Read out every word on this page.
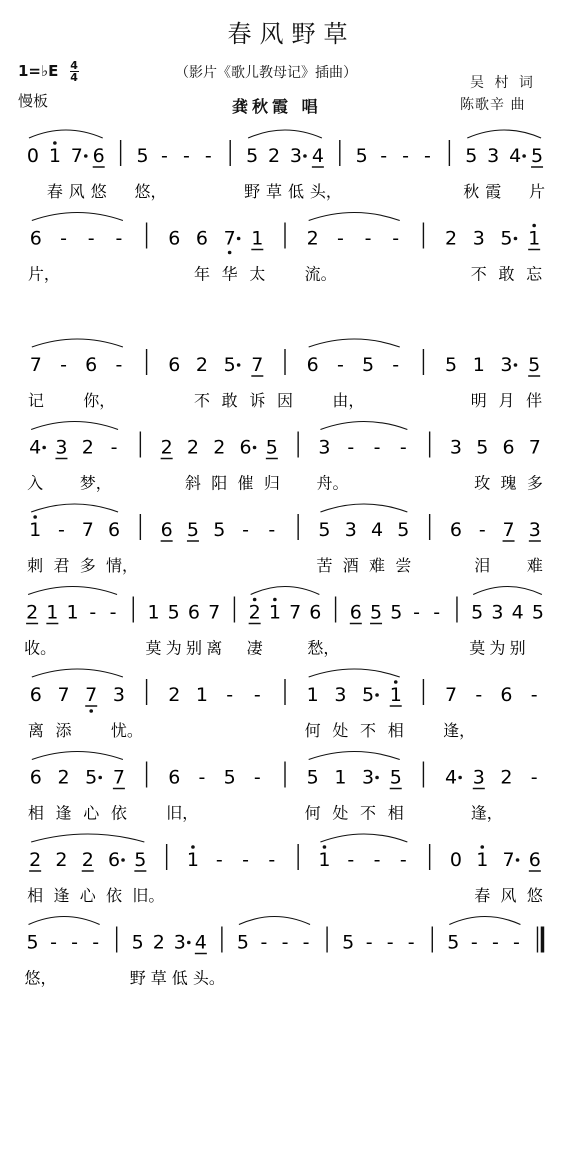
春风野草
1=♭E $\frac{4}{4}$
慢板
（影片《歌儿教母记》插曲）
龚秋霞 唱
吴 村 词
陈歌辛 曲
0 1 7 6 5 - - - 5 2 3 4 5 - - - 5 3 4 5
春 风 悠 悠，	野 草 低 头，	秋 霞 片
6 - - - 6 6 7 1 2 - - - 2 3 5 1
片，	年 华 太 流。	不 敢 忘
7 - 6 - 6 2 5 7 6 - 5 - 5 1 3 5
记 你，	不 敢 诉 因 由，	明 月 伴
4 3 2 - 2 2 2 6 5 3 - - - 3 5 6 7
入 梦，	斜 阳 催 归 舟。	玫 瑰 多
1 - 7 6 6 5 5 - - 5 3 4 5 6 - 7 3
刺 君 多 情，	苦 酒 难 尝	泪 难
2 1 1 - - 1 5 6 7 2 1 7 6 6 5 5 - - 5 3 4 5
收。	莫 为 别 离 凄	愁，	莫 为 别
6 7 7 3 2 1 - - 1 3 5 1 7 - 6 -
离 添 忧。	何 处 不 相 逢，
6 2 5 7 6 - 5 - 5 1 3 5 4 3 2 -
相 逢 心 依 旧，	何 处 不 相	逢，
2 2 2 6 5 1 - - - 1 - - - 0 1 7 6
相 逢 心 依 旧。	春 风 悠
5 - - - 5 2 3 4 5 - - - 5 - - - 5 - - -
悠，	野 草 低 头。
